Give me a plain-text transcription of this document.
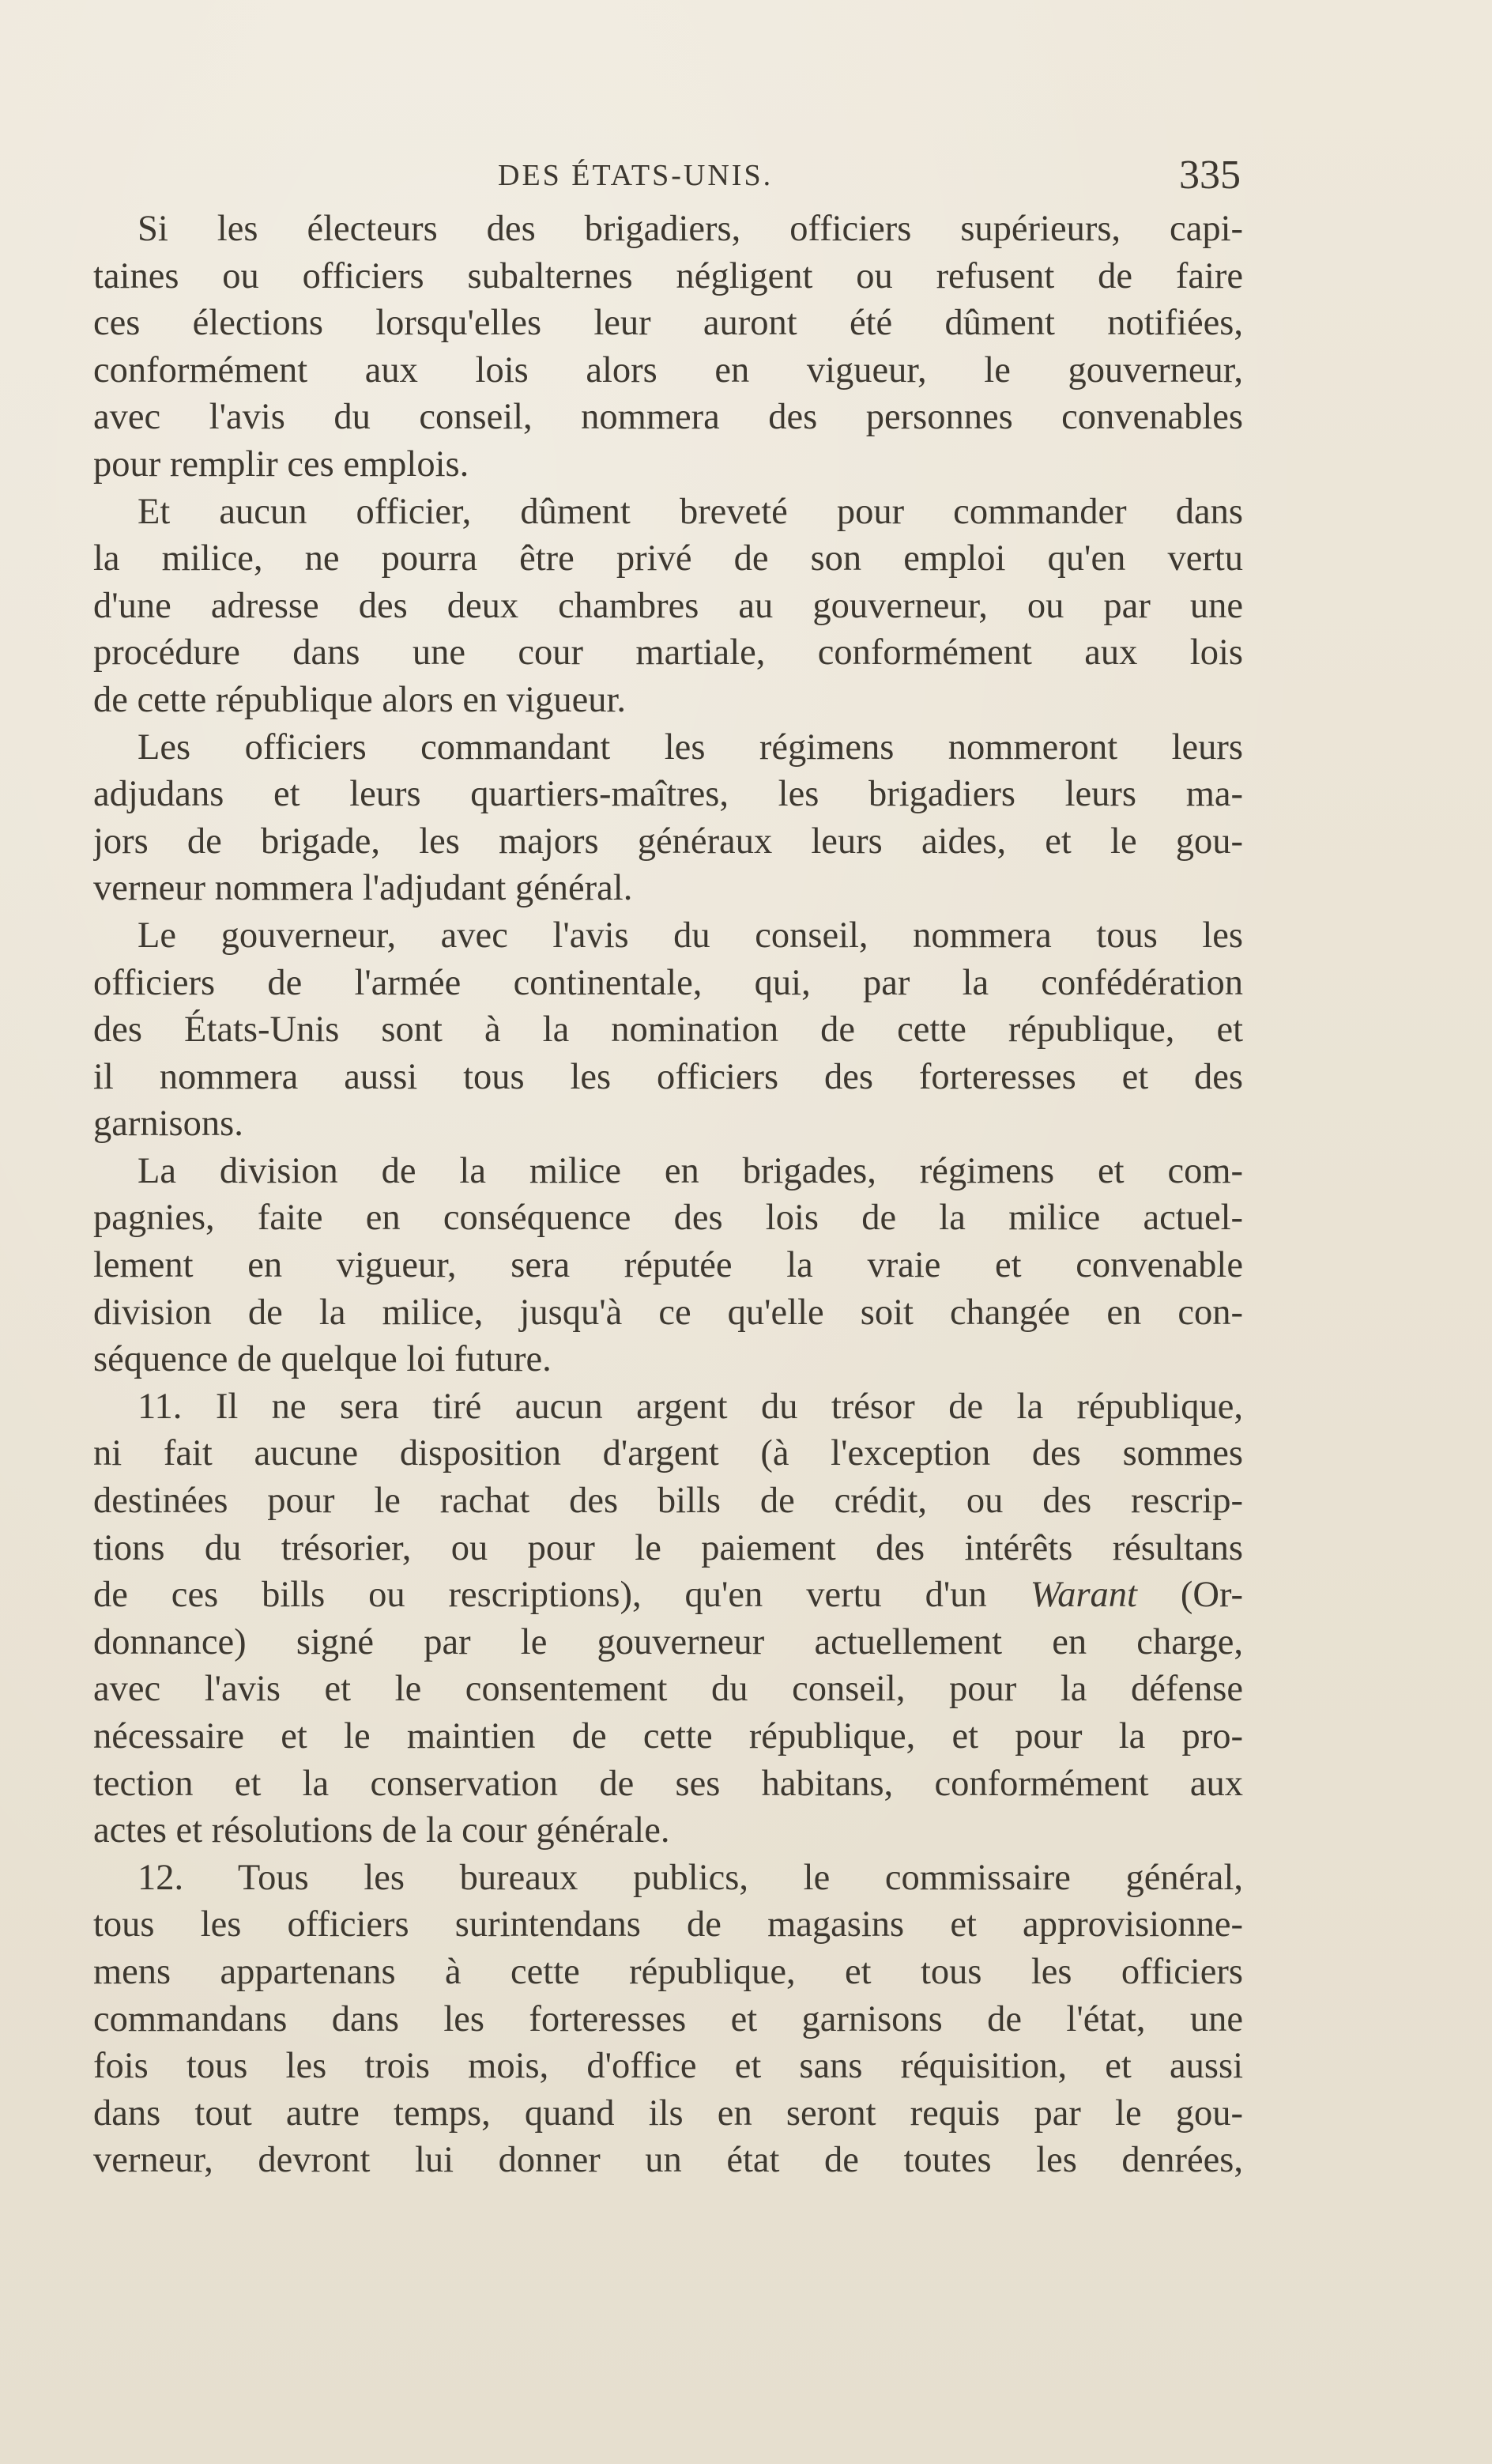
DES ÉTATS-UNIS.	335
Si les électeurs des brigadiers, officiers supérieurs, capi-
taines ou officiers subalternes négligent ou refusent de faire
ces élections lorsqu'elles leur auront été dûment notifiées,
conformément aux lois alors en vigueur, le gouverneur,
avec l'avis du conseil, nommera des personnes convenables
pour remplir ces emplois.
Et aucun officier, dûment breveté pour commander dans
la milice, ne pourra être privé de son emploi qu'en vertu
d'une adresse des deux chambres au gouverneur, ou par une
procédure dans une cour martiale, conformément aux lois
de cette république alors en vigueur.
Les officiers commandant les régimens nommeront leurs
adjudans et leurs quartiers-maîtres, les brigadiers leurs ma-
jors de brigade, les majors généraux leurs aides, et le gou-
verneur nommera l'adjudant général.
Le gouverneur, avec l'avis du conseil, nommera tous les
officiers de l'armée continentale, qui, par la confédération
des États-Unis sont à la nomination de cette république, et
il nommera aussi tous les officiers des forteresses et des
garnisons.
La division de la milice en brigades, régimens et com-
pagnies, faite en conséquence des lois de la milice actuel-
lement en vigueur, sera réputée la vraie et convenable
division de la milice, jusqu'à ce qu'elle soit changée en con-
séquence de quelque loi future.
11. Il ne sera tiré aucun argent du trésor de la république,
ni fait aucune disposition d'argent (à l'exception des sommes
destinées pour le rachat des bills de crédit, ou des rescrip-
tions du trésorier, ou pour le paiement des intérêts résultans
de ces bills ou rescriptions), qu'en vertu d'un Warant (Or-
donnance) signé par le gouverneur actuellement en charge,
avec l'avis et le consentement du conseil, pour la défense
nécessaire et le maintien de cette république, et pour la pro-
tection et la conservation de ses habitans, conformément aux
actes et résolutions de la cour générale.
12. Tous les bureaux publics, le commissaire général,
tous les officiers surintendans de magasins et approvisionne-
mens appartenans à cette république, et tous les officiers
commandans dans les forteresses et garnisons de l'état, une
fois tous les trois mois, d'office et sans réquisition, et aussi
dans tout autre temps, quand ils en seront requis par le gou-
verneur, devront lui donner un état de toutes les denrées,
